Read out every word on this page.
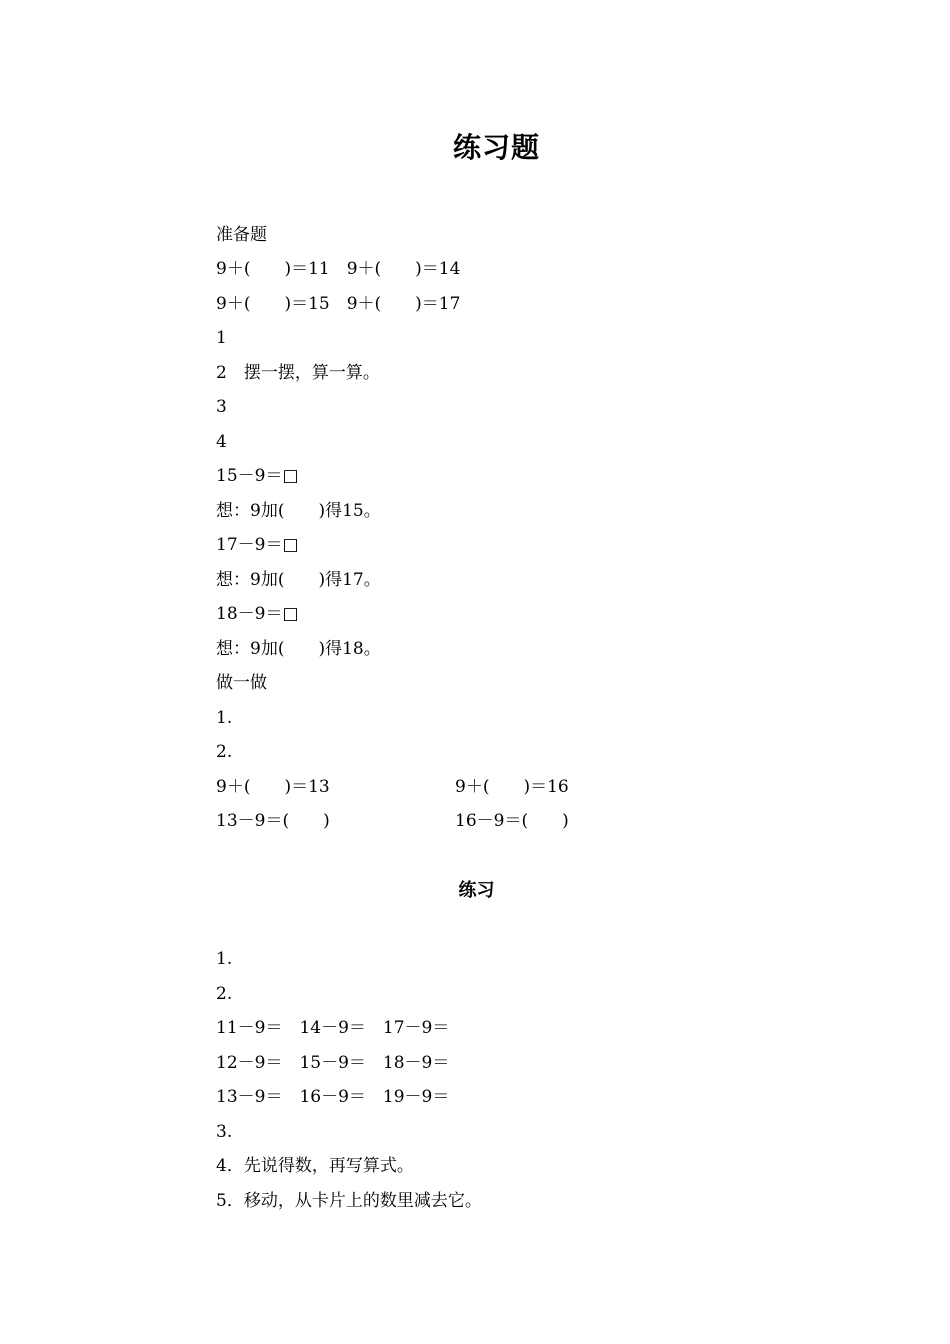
练习题
准备题
9＋(　　)＝11　9＋(　　)＝14
9＋(　　)＝15　9＋(　　)＝17
1
2　摆一摆，算一算。
3
4
15－9＝□
想：9加(　　)得15。
17－9＝□
想：9加(　　)得17。
18－9＝□
想：9加(　　)得18。
做一做
1.
2.
9＋(　　)＝13	9＋(　　)＝16
13－9＝(　　)	16－9＝(　　)
练习
1.
2.
11－9＝　14－9＝　17－9＝
12－9＝　15－9＝　18－9＝
13－9＝　16－9＝　19－9＝
3.
4．先说得数，再写算式。
5．移动，从卡片上的数里减去它。
